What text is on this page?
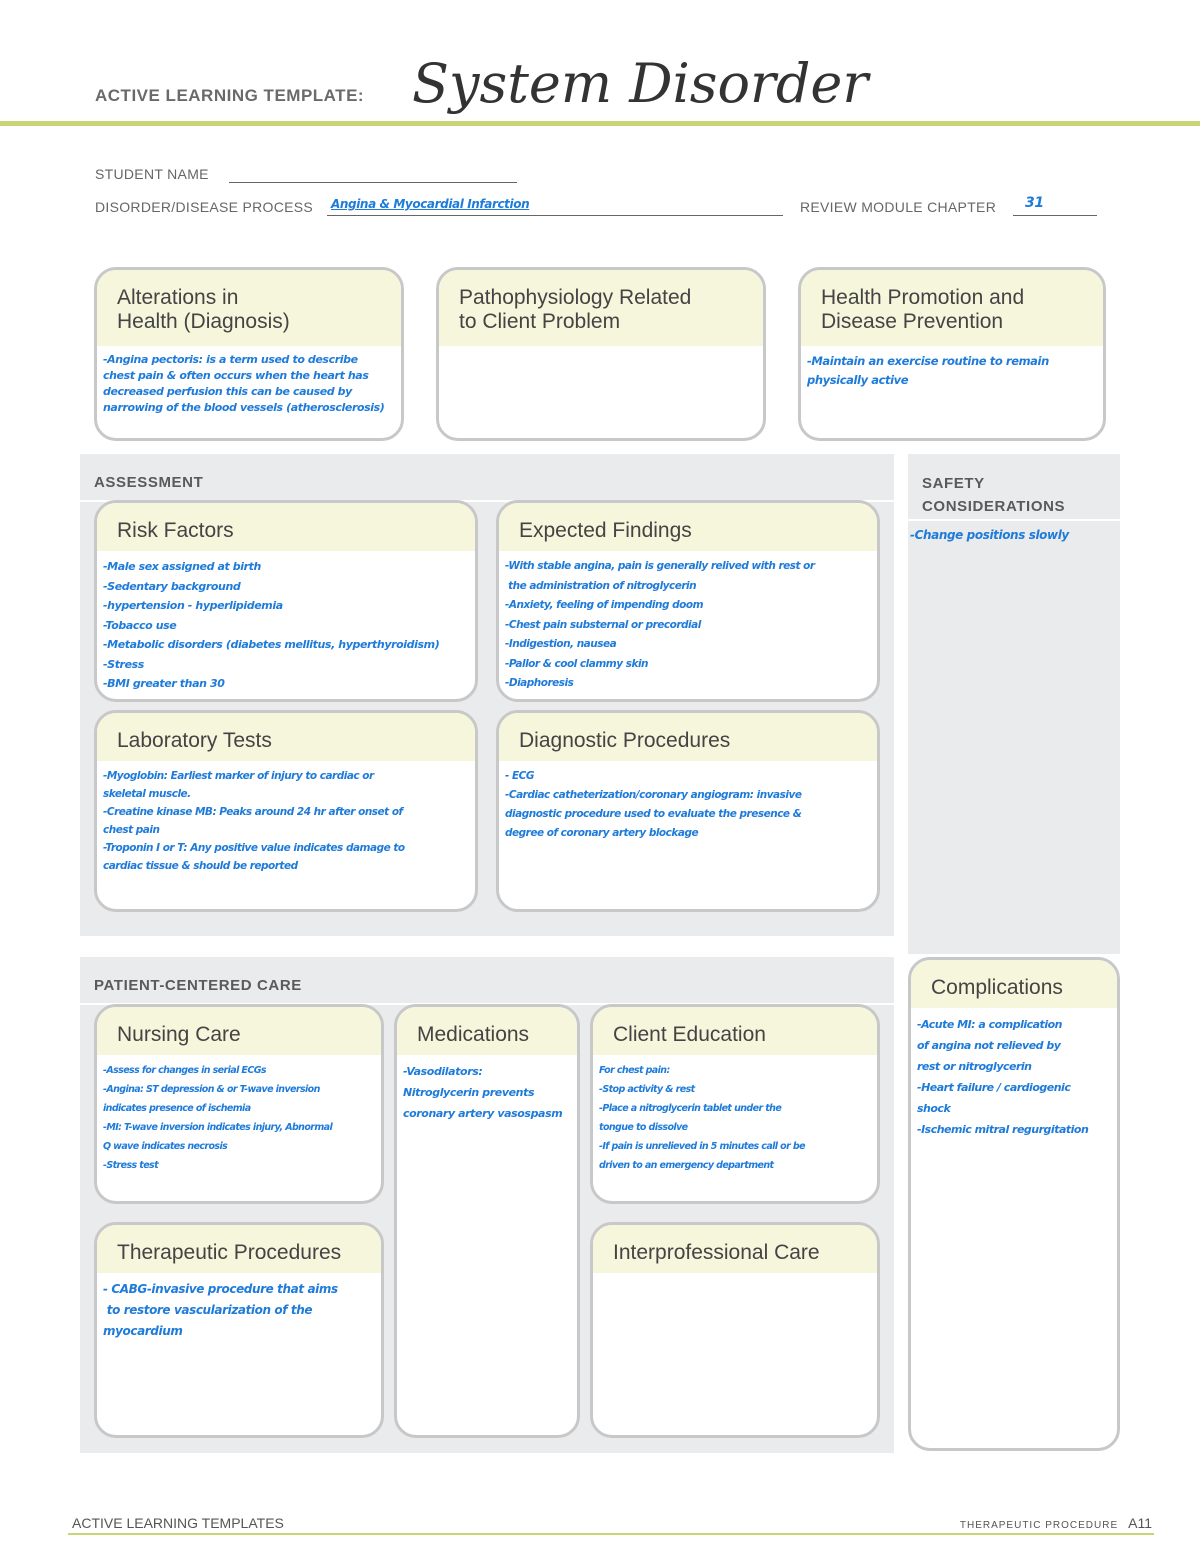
ACTIVE LEARNING TEMPLATE: System Disorder
STUDENT NAME
DISORDER/DISEASE PROCESS Angina & Myocardial Infarction	REVIEW MODULE CHAPTER 31
Alterations in
Health (Diagnosis)
-Angina pectoris: is a term used to describe
chest pain & often occurs when the heart has
decreased perfusion this can be caused by
narrowing of the blood vessels (atherosclerosis)
Pathophysiology Related
to Client Problem
Health Promotion and
Disease Prevention
-Maintain an exercise routine to remain
physically active
ASSESSMENT
Risk Factors
-Male sex assigned at birth
-Sedentary background
-hypertension - hyperlipidemia
-Tobacco use
-Metabolic disorders (diabetes mellitus, hyperthyroidism)
-Stress
-BMI greater than 30
Expected Findings
-With stable angina, pain is generally relived with rest or
the administration of nitroglycerin
-Anxiety, feeling of impending doom
-Chest pain substernal or precordial
-Indigestion, nausea
-Pallor & cool clammy skin
-Diaphoresis
Laboratory Tests
-Myoglobin: Earliest marker of injury to cardiac or
skeletal muscle.
-Creatine kinase MB: Peaks around 24 hr after onset of
chest pain
-Troponin I or T: Any positive value indicates damage to
cardiac tissue & should be reported
Diagnostic Procedures
- ECG
-Cardiac catheterization/coronary angiogram: invasive
diagnostic procedure used to evaluate the presence &
degree of coronary artery blockage
SAFETY
CONSIDERATIONS
-Change positions slowly
PATIENT-CENTERED CARE
Nursing Care
-Assess for changes in serial ECGs
-Angina: ST depression & or T-wave inversion
indicates presence of ischemia
-MI: T-wave inversion indicates injury, Abnormal
Q wave indicates necrosis
-Stress test
Medications
-Vasodilators:
Nitroglycerin prevents
coronary artery vasospasm
Client Education
For chest pain:
-Stop activity & rest
-Place a nitroglycerin tablet under the
tongue to dissolve
-If pain is unrelieved in 5 minutes call or be
driven to an emergency department
Therapeutic Procedures
- CABG-invasive procedure that aims
to restore vascularization of the
myocardium
Interprofessional Care
Complications
-Acute MI: a complication
of angina not relieved by
rest or nitroglycerin
-Heart failure / cardiogenic
shock
-Ischemic mitral regurgitation
ACTIVE LEARNING TEMPLATES	THERAPEUTIC PROCEDURE A11
